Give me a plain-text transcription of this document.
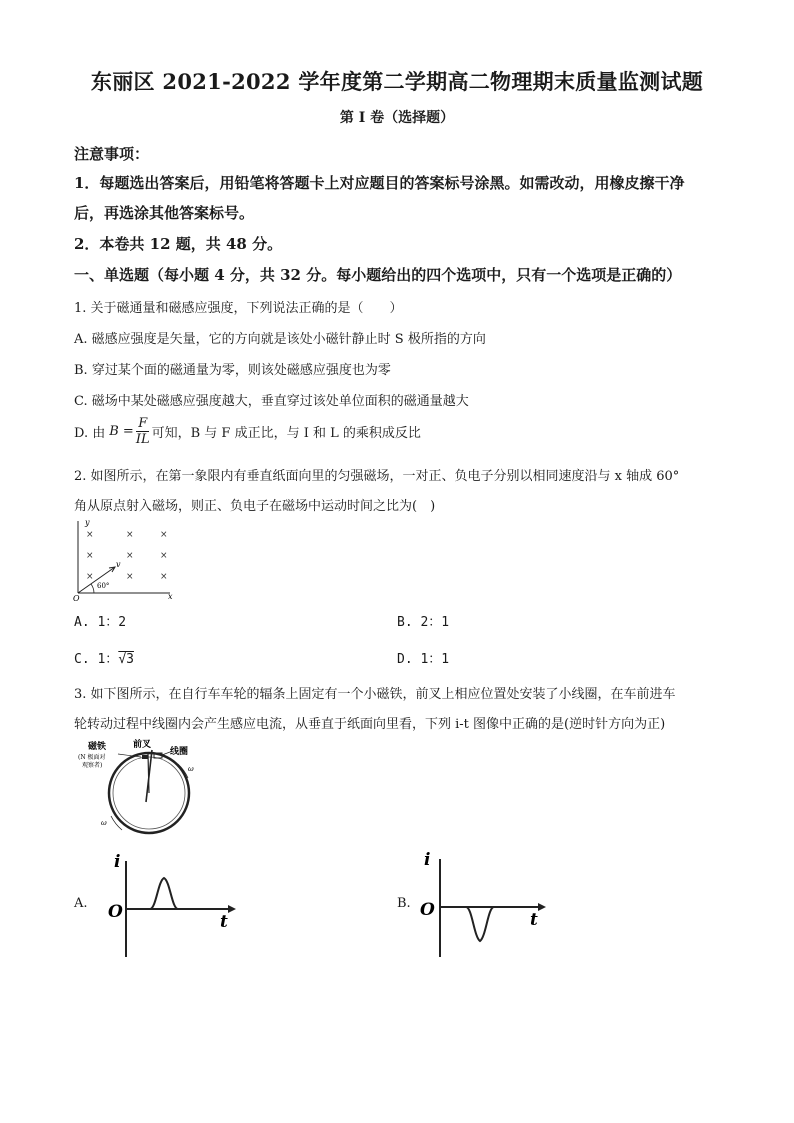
东丽区 2021-2022 学年度第二学期高二物理期末质量监测试题
第 I 卷（选择题）
注意事项：
1．每题选出答案后，用铅笔将答题卡上对应题目的答案标号涂黑。如需改动，用橡皮擦干净
后，再选涂其他答案标号。
2．本卷共 12 题，共 48 分。
一、单选题（每小题 4 分，共 32 分。每小题给出的四个选项中，只有一个选项是正确的）
1. 关于磁通量和磁感应强度，下列说法正确的是（　　）
A. 磁感应强度是矢量，它的方向就是该处小磁针静止时 S 极所指的方向
B. 穿过某个面的磁通量为零，则该处磁感应强度也为零
C. 磁场中某处磁感应强度越大，垂直穿过该处单位面积的磁通量越大
D. 由 $B = \frac{F}{IL}$ 可知，B 与 F 成正比，与 I 和 L 的乘积成反比
2. 如图所示，在第一象限内有垂直纸面向里的匀强磁场，一对正、负电子分别以相同速度沿与 x 轴成 60°
角从原点射入磁场，则正、负电子在磁场中运动时间之比为(　)
y
x
O
×	×	×
×	×	×
×	×	×
v
60°
A. 1：2	B. 2：1
C. 1：√3	D. 1：1
3. 如下图所示，在自行车车轮的辐条上固定有一个小磁铁，前叉上相应位置处安装了小线圈，在车前进车
轮转动过程中线圈内会产生感应电流，从垂直于纸面向里看，下列 i-t 图像中正确的是(逆时针方向为正)
磁铁
(N 极面对
观察者)
前叉
线圈
ω
ω
A.
i
O	t
B.
i
O	t
